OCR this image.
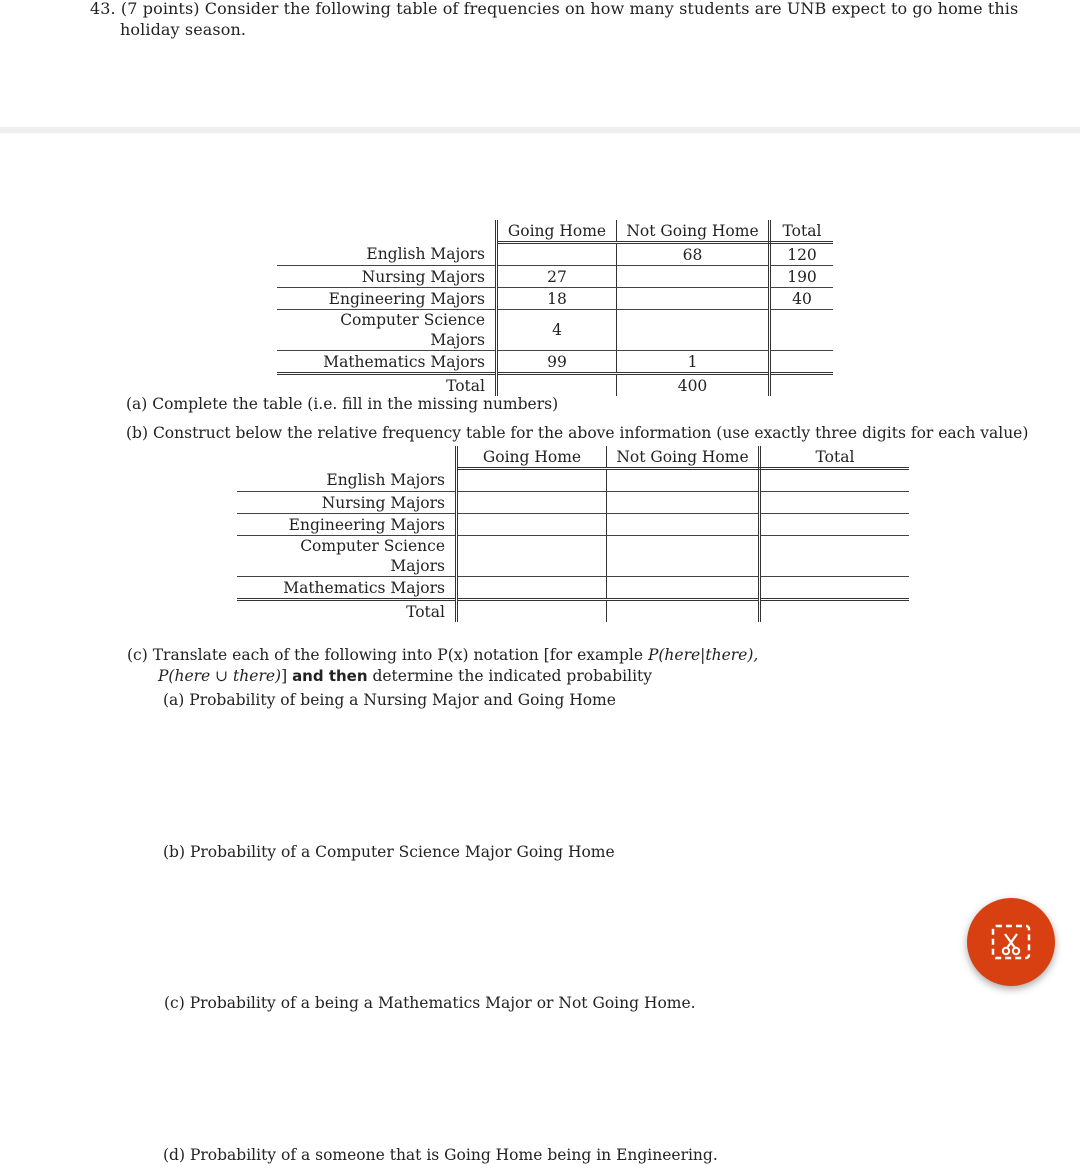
43. (7 points) Consider the following table of frequencies on how many students are UNB expect to go home this
holiday season.
	Going Home	Not Going Home	Total
English Majors		68	120
Nursing Majors	27		190
Engineering Majors	18		40
Computer Science Majors	4		
Mathematics Majors	99	1	
Total		400	
(a) Complete the table (i.e. fill in the missing numbers)
(b) Construct below the relative frequency table for the above information (use exactly three digits for each value)
	Going Home	Not Going Home	Total
English Majors			
Nursing Majors			
Engineering Majors			
Computer Science Majors			
Mathematics Majors			
Total			
(c) Translate each of the following into P(x) notation [for example P(here|there),
P(here ∪ there)] and then determine the indicated probability
(a) Probability of being a Nursing Major and Going Home
(b) Probability of a Computer Science Major Going Home
(c) Probability of a being a Mathematics Major or Not Going Home.
(d) Probability of a someone that is Going Home being in Engineering.
